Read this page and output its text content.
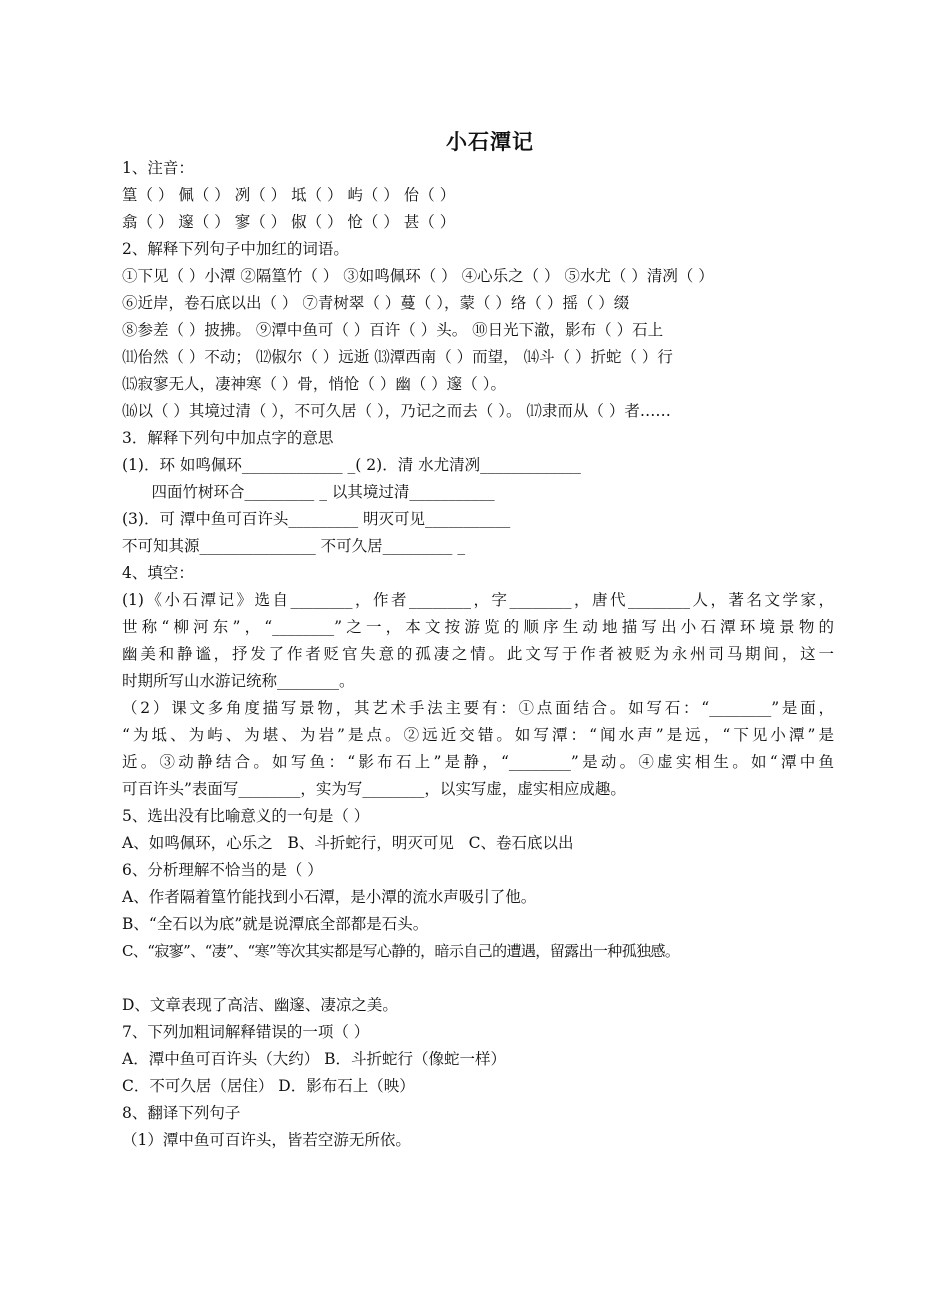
小石潭记
1、注音：
篁（ ） 佩（ ） 冽（ ） 坻（ ） 屿（ ） 佁（ ）
翕（ ） 邃（ ） 寥（ ） 俶（ ） 怆（ ） 甚（ ）
2、解释下列句子中加红的词语。
①下见（ ）小潭 ②隔篁竹（ ） ③如鸣佩环（ ） ④心乐之（ ） ⑤水尤（ ）清冽（ ）
⑥近岸，卷石底以出（ ） ⑦青树翠（ ）蔓（ ），蒙（ ）络（ ）摇（ ）缀
⑧参差（ ）披拂。 ⑨潭中鱼可（ ）百许（ ）头。 ⑩日光下澈，影布（ ）石上
⑾佁然（ ）不动； ⑿俶尔（ ）远逝 ⒀潭西南（ ）而望， ⒁斗（ ）折蛇（ ）行
⒂寂寥无人，凄神寒（ ）骨，悄怆（ ）幽（ ）邃（ ）。
⒃以（ ）其境过清（ ），不可久居（ ），乃记之而去（ ）。 ⒄隶而从（ ）者……
3．解释下列句中加点字的意思
(1)．环 如鸣佩环_____________ _( 2)．清 水尤清冽_____________
四面竹树环合_________ _ 以其境过清___________
(3)．可 潭中鱼可百许头_________ 明灭可见___________
不可知其源_______________ 不可久居_________ _
4、填空：
(1)《小石潭记》选自________，作者________，字________，唐代________人，著名文学家，
世称“柳河东”，“________”之一，本文按游览的顺序生动地描写出小石潭环境景物的
幽美和静谧，抒发了作者贬官失意的孤凄之情。此文写于作者被贬为永州司马期间，这一
时期所写山水游记统称________。
（2）课文多角度描写景物，其艺术手法主要有：①点面结合。如写石：“________”是面，
“为坻、为屿、为堪、为岩”是点。②远近交错。如写潭：“闻水声”是远，“下见小潭”是
近。③动静结合。如写鱼：“影布石上”是静，“________”是动。④虚实相生。如“潭中鱼
可百许头”表面写________，实为写________，以实写虚，虚实相应成趣。
5、选出没有比喻意义的一句是（ ）
A、如鸣佩环，心乐之   B、斗折蛇行，明灭可见   C、卷石底以出
6、分析理解不恰当的是（ ）
A、作者隔着篁竹能找到小石潭，是小潭的流水声吸引了他。
B、“全石以为底”就是说潭底全部都是石头。
C、“寂寥”、“凄”、“寒”等次其实都是写心静的，暗示自己的遭遇，留露出一种孤独感。
D、文章表现了高洁、幽邃、凄凉之美。
7、下列加粗词解释错误的一项（ ）
A．潭中鱼可百许头（大约） B．斗折蛇行（像蛇一样）
C．不可久居（居住） D．影布石上（映）
8、翻译下列句子
（1）潭中鱼可百许头，皆若空游无所依。
